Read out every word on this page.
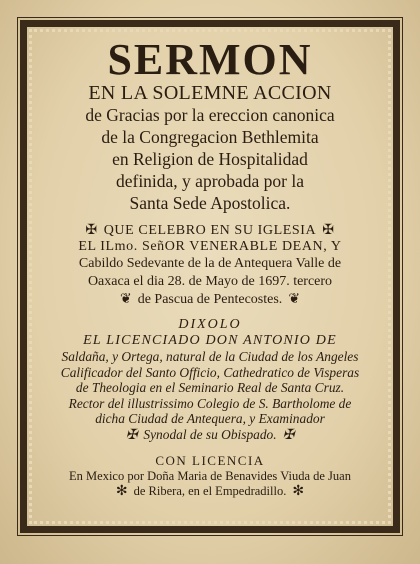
SERMON

EN LA SOLEMNE ACCION

de Gracias por la ereccion canonica

de la Congregacion Bethlemita

en Religion de Hospitalidad

definida, y aprobada por la

Santa Sede Apostolica.

✠ QUE CELEBRO EN SU IGLESIA ✠

EL ILmo. SeñOR VENERABLE DEAN, Y

Cabildo Sedevante de la de Antequera Valle de

Oaxaca el dia 28. de Mayo de 1697. tercero

❦ de Pascua de Pentecostes. ❦

DIXOLO

EL LICENCIADO DON ANTONIO DE

Saldaña, y Ortega, natural de la Ciudad de los Angeles

Calificador del Santo Officio, Cathedratico de Visperas

de Theologia en el Seminario Real de Santa Cruz.

Rector del illustrissimo Colegio de S. Bartholome de

dicha Ciudad de Antequera, y Examinador

✠ Synodal de su Obispado. ✠

CON LICENCIA

En Mexico por Doña Maria de Benavides Viuda de Juan

✻ de Ribera, en el Empedradillo. ✻
